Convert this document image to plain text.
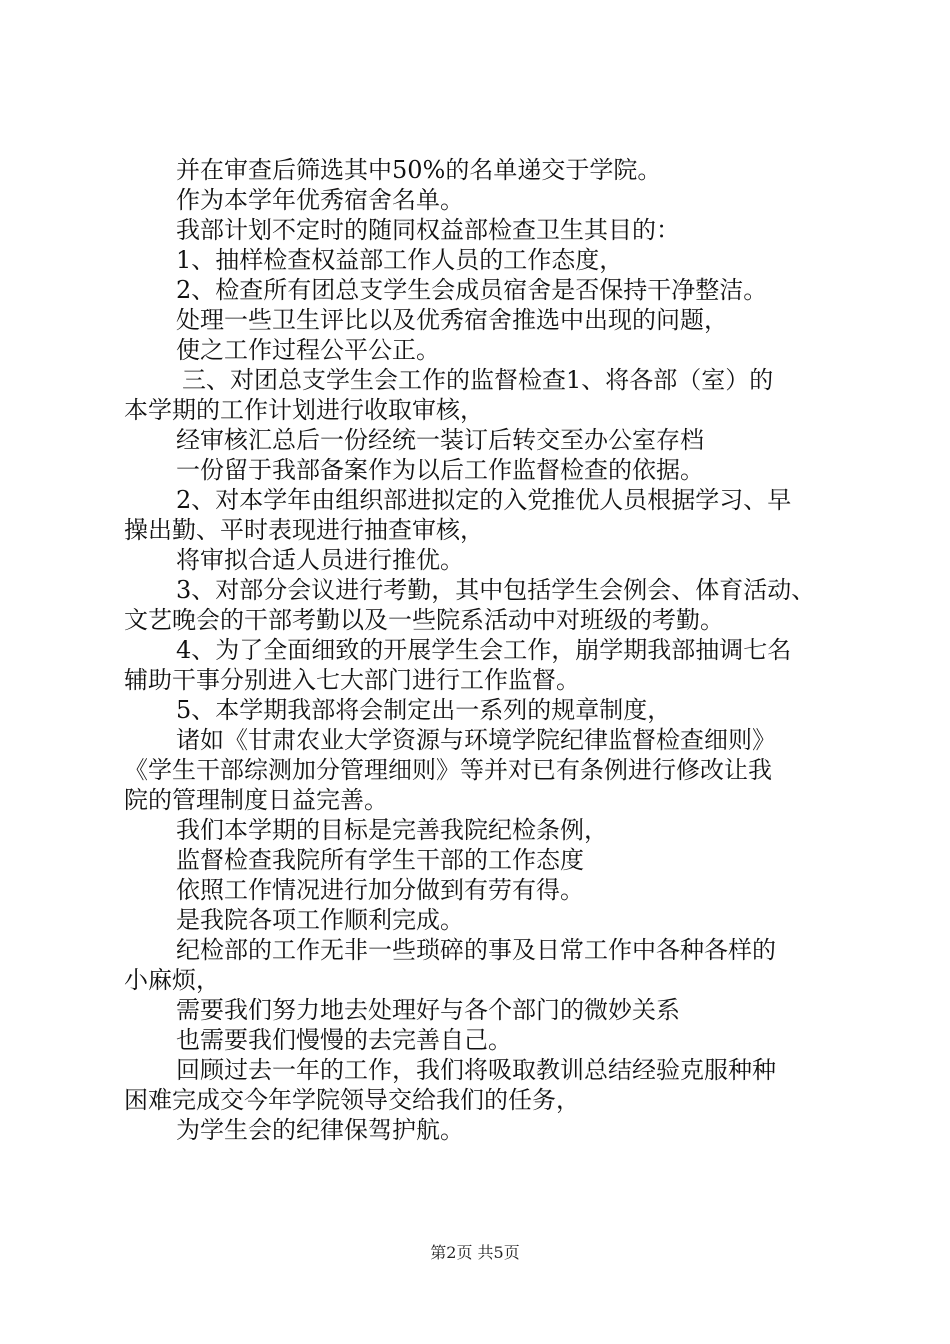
并在审查后筛选其中50%的名单递交于学院。
作为本学年优秀宿舍名单。
我部计划不定时的随同权益部检查卫生其目的：
1、抽样检查权益部工作人员的工作态度，
2、检查所有团总支学生会成员宿舍是否保持干净整洁。
处理一些卫生评比以及优秀宿舍推选中出现的问题，
使之工作过程公平公正。
三、对团总支学生会工作的监督检查1、将各部（室）的
本学期的工作计划进行收取审核，
经审核汇总后一份经统一装订后转交至办公室存档
一份留于我部备案作为以后工作监督检查的依据。
2、对本学年由组织部进拟定的入党推优人员根据学习、早
操出勤、平时表现进行抽查审核，
将审拟合适人员进行推优。
3、对部分会议进行考勤，其中包括学生会例会、体育活动、
文艺晚会的干部考勤以及一些院系活动中对班级的考勤。
4、为了全面细致的开展学生会工作，崩学期我部抽调七名
辅助干事分别进入七大部门进行工作监督。
5、本学期我部将会制定出一系列的规章制度，
诸如《甘肃农业大学资源与环境学院纪律监督检查细则》
《学生干部综测加分管理细则》等并对已有条例进行修改让我
院的管理制度日益完善。
我们本学期的目标是完善我院纪检条例，
监督检查我院所有学生干部的工作态度
依照工作情况进行加分做到有劳有得。
是我院各项工作顺利完成。
纪检部的工作无非一些琐碎的事及日常工作中各种各样的
小麻烦，
需要我们努力地去处理好与各个部门的微妙关系
也需要我们慢慢的去完善自己。
回顾过去一年的工作，我们将吸取教训总结经验克服种种
困难完成交今年学院领导交给我们的任务，
为学生会的纪律保驾护航。
第2页 共5页
